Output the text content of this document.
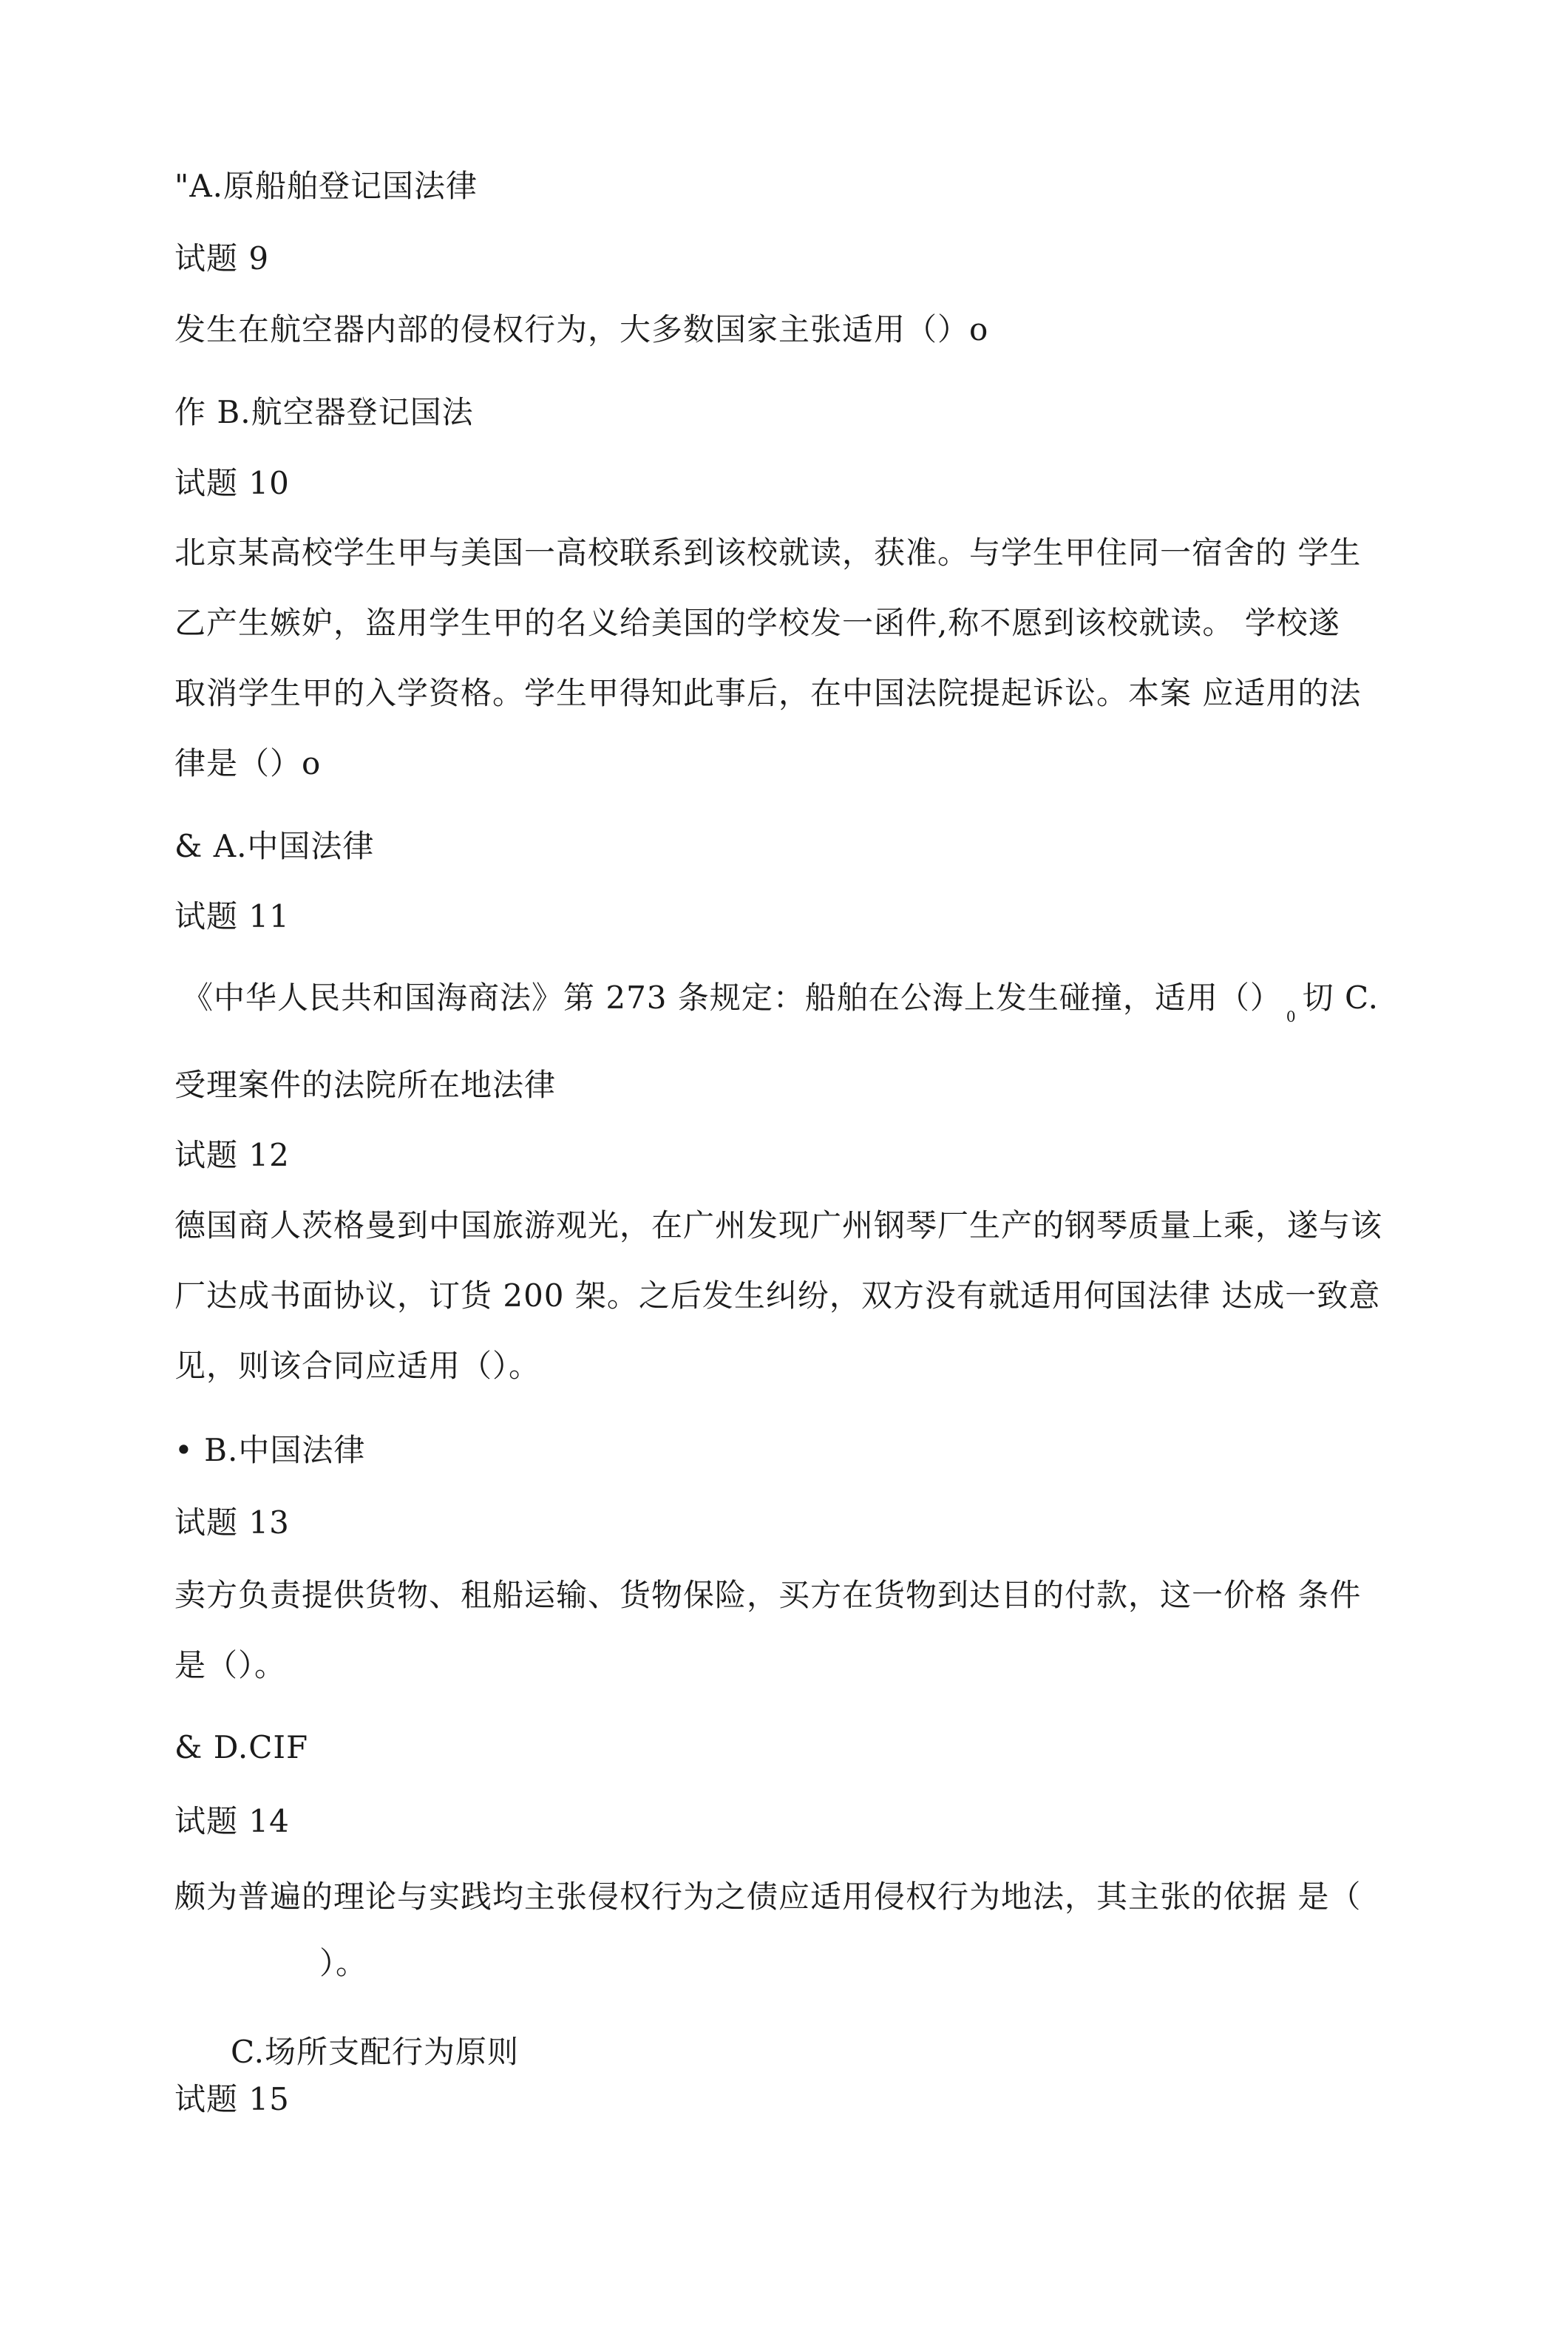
"A.原船舶登记国法律
试题 9
发生在航空器内部的侵权行为，大多数国家主张适用（）o
作 B.航空器登记国法
试题 10
北京某高校学生甲与美国一高校联系到该校就读，获准。与学生甲住同一宿舍的 学生
乙产生嫉妒，盗用学生甲的名义给美国的学校发一函件,称不愿到该校就读。 学校遂
取消学生甲的入学资格。学生甲得知此事后，在中国法院提起诉讼。本案 应适用的法
律是（）o
& A.中国法律
试题 11
《中华人民共和国海商法》第 273 条规定：船舶在公海上发生碰撞，适用$()_0$切 C.
受理案件的法院所在地法律
试题 12
德国商人茨格曼到中国旅游观光，在广州发现广州钢琴厂生产的钢琴质量上乘，遂与该
厂达成书面协议，订货 200 架。之后发生纠纷，双方没有就适用何国法律 达成一致意
见，则该合同应适用（）。
• B.中国法律
试题 13
卖方负责提供货物、租船运输、货物保险，买方在货物到达目的付款，这一价格 条件
是（）。
& D.CIF
试题 14
颇为普遍的理论与实践均主张侵权行为之债应适用侵权行为地法，其主张的依据 是（
）。
C.场所支配行为原则
试题 15
